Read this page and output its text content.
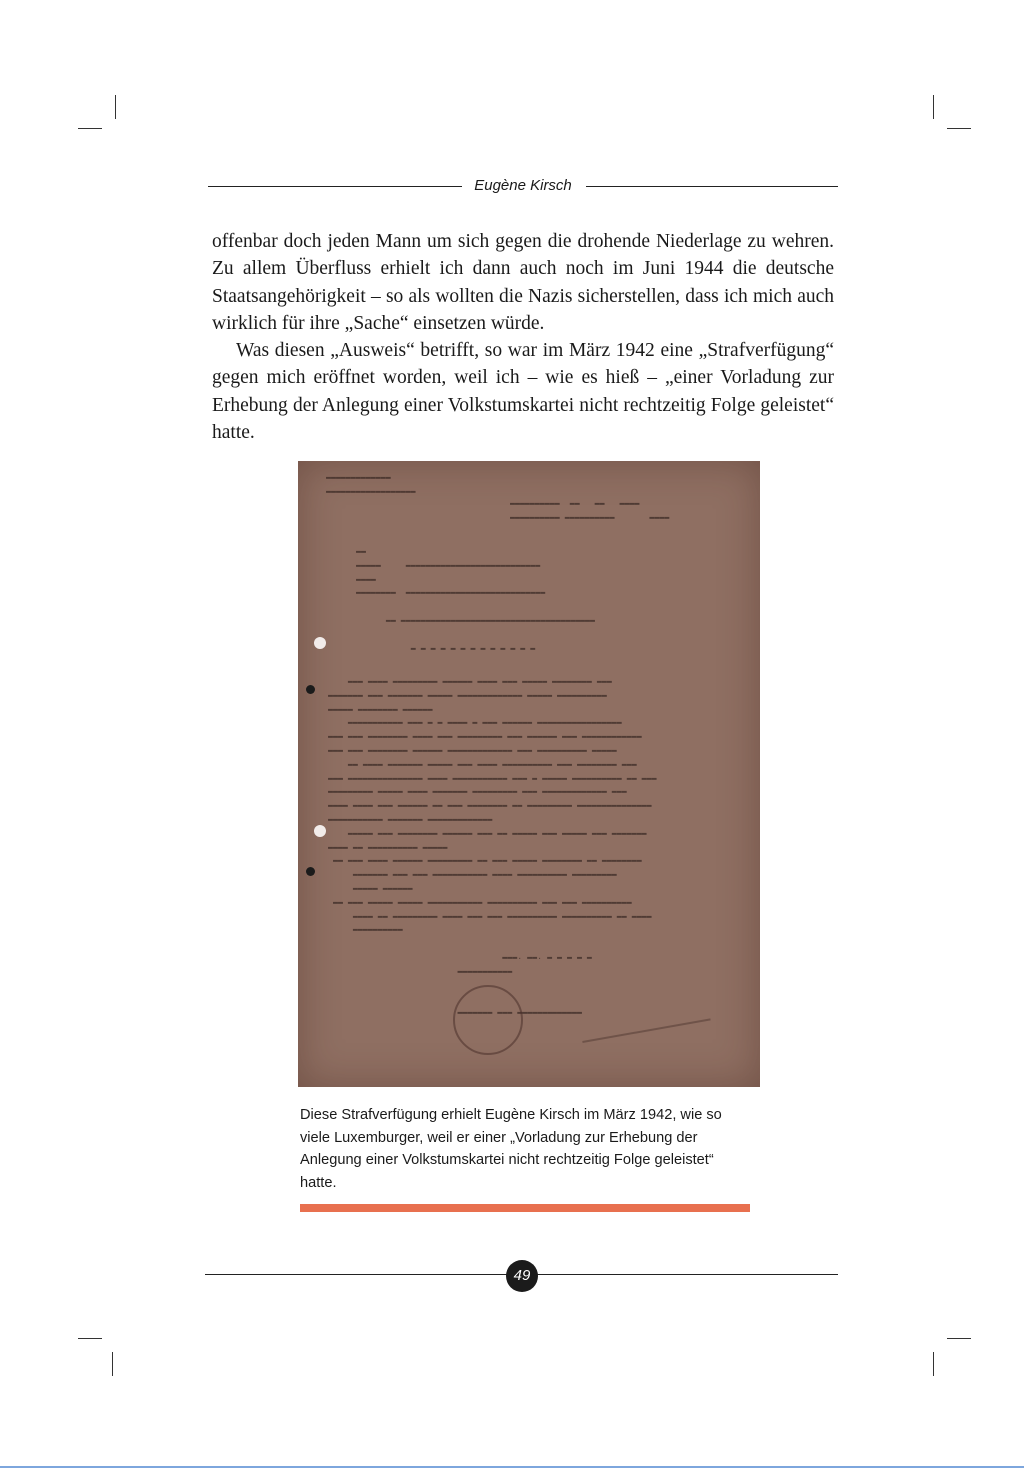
Eugène Kirsch

offenbar doch jeden Mann um sich gegen die drohende Niederlage zu wehren. Zu allem Überfluss erhielt ich dann auch noch im Juni 1944 die deutsche Staatsangehörigkeit – so als wollten die Nazis sicherstellen, dass ich mich auch wirklich für ihre „Sache“ einsetzen würde.

Was diesen „Ausweis“ betrifft, so war im März 1942 eine „Strafverfügung“ gegen mich eröffnet worden, weil ich – wie es hieß – „einer Vorladung zur Erhebung der Anlegung einer Volkstumskartei nicht rechtzeitig Folge geleistet“ hatte.

▬▬▬▬▬▬▬▬▬▬▬▬▬
▬▬▬▬▬▬▬▬▬▬▬▬▬▬▬▬▬▬
▬▬▬▬▬▬▬▬▬▬  ▬▬   ▬▬   ▬▬▬▬
▬▬▬▬▬▬▬▬▬▬ ▬▬▬▬▬▬▬▬▬▬       ▬▬▬▬
▬▬
▬▬▬▬▬     ▬▬▬▬▬▬▬▬▬▬▬▬▬▬▬▬▬▬▬▬▬▬▬▬▬▬▬
▬▬▬▬
▬▬▬▬▬▬▬▬  ▬▬▬▬▬▬▬▬▬▬▬▬▬▬▬▬▬▬▬▬▬▬▬▬▬▬▬▬

▬▬ ▬▬▬▬▬▬▬▬▬▬▬▬▬▬▬▬▬▬▬▬▬▬▬▬▬▬▬▬▬▬▬▬▬▬▬▬▬▬▬

▬ ▬ ▬ ▬ ▬ ▬ ▬ ▬ ▬ ▬ ▬ ▬ ▬
▬▬▬ ▬▬▬▬ ▬▬▬▬▬▬▬▬▬ ▬▬▬▬▬▬ ▬▬▬▬ ▬▬▬ ▬▬▬▬▬ ▬▬▬▬▬▬▬▬ ▬▬▬
▬▬▬▬▬▬▬ ▬▬▬ ▬▬▬▬▬▬▬ ▬▬▬▬▬ ▬▬▬▬▬▬▬▬▬▬▬▬▬ ▬▬▬▬▬ ▬▬▬▬▬▬▬▬▬▬
▬▬▬▬▬ ▬▬▬▬▬▬▬▬ ▬▬▬▬▬▬
▬▬▬▬▬▬▬▬▬▬▬ ▬▬▬ ▬ ▬ ▬▬▬▬ ▬ ▬▬▬ ▬▬▬▬▬▬ ▬▬▬▬▬▬▬▬▬▬▬▬▬▬▬▬▬
▬▬▬ ▬▬▬ ▬▬▬▬▬▬▬▬ ▬▬▬▬ ▬▬▬ ▬▬▬▬▬▬▬▬▬ ▬▬▬ ▬▬▬▬▬▬ ▬▬▬ ▬▬▬▬▬▬▬▬▬▬▬▬
▬▬▬ ▬▬▬ ▬▬▬▬▬▬▬▬ ▬▬▬▬▬▬ ▬▬▬▬▬▬▬▬▬▬▬▬▬ ▬▬▬ ▬▬▬▬▬▬▬▬▬▬ ▬▬▬▬▬
▬▬ ▬▬▬▬ ▬▬▬▬▬▬▬ ▬▬▬▬▬ ▬▬▬ ▬▬▬▬ ▬▬▬▬▬▬▬▬▬▬ ▬▬▬ ▬▬▬▬▬▬▬▬ ▬▬▬
▬▬▬ ▬▬▬▬▬▬▬▬▬▬▬▬▬▬▬ ▬▬▬▬ ▬▬▬▬▬▬▬▬▬▬▬ ▬▬▬ ▬ ▬▬▬▬▬ ▬▬▬▬▬▬▬▬▬▬ ▬▬ ▬▬▬
▬▬▬▬▬▬▬▬▬ ▬▬▬▬▬ ▬▬▬▬ ▬▬▬▬▬▬▬ ▬▬▬▬▬▬▬▬▬ ▬▬▬ ▬▬▬▬▬▬▬▬▬▬▬▬▬ ▬▬▬
▬▬▬▬ ▬▬▬▬ ▬▬▬ ▬▬▬▬▬▬ ▬▬ ▬▬▬ ▬▬▬▬▬▬▬▬ ▬▬ ▬▬▬▬▬▬▬▬▬ ▬▬▬▬▬▬▬▬▬▬▬▬▬▬▬
▬▬▬▬▬▬▬▬▬▬▬ ▬▬▬▬▬▬▬ ▬▬▬▬▬▬▬▬▬▬▬▬▬
▬▬▬▬▬ ▬▬▬ ▬▬▬▬▬▬▬▬ ▬▬▬▬▬▬ ▬▬▬ ▬▬ ▬▬▬▬▬ ▬▬▬ ▬▬▬▬▬ ▬▬▬ ▬▬▬▬▬▬▬
▬▬▬▬ ▬▬ ▬▬▬▬▬▬▬▬▬▬ ▬▬▬▬▬
▬▬ ▬▬▬ ▬▬▬▬ ▬▬▬▬▬▬ ▬▬▬▬▬▬▬▬▬ ▬▬ ▬▬▬ ▬▬▬▬▬ ▬▬▬▬▬▬▬▬ ▬▬ ▬▬▬▬▬▬▬▬
▬▬▬▬▬▬▬ ▬▬▬ ▬▬▬ ▬▬▬▬▬▬▬▬▬▬▬ ▬▬▬▬ ▬▬▬▬▬▬▬▬▬▬ ▬▬▬▬▬▬▬▬▬
▬▬▬▬▬ ▬▬▬▬▬▬
▬▬ ▬▬▬ ▬▬▬▬▬ ▬▬▬▬▬ ▬▬▬▬▬▬▬▬▬▬▬ ▬▬▬▬▬▬▬▬▬▬ ▬▬▬ ▬▬▬ ▬▬▬▬▬▬▬▬▬▬
▬▬▬▬ ▬▬ ▬▬▬▬▬▬▬▬▬ ▬▬▬▬ ▬▬▬ ▬▬▬ ▬▬▬▬▬▬▬▬▬▬ ▬▬▬▬▬▬▬▬▬▬ ▬▬ ▬▬▬▬
▬▬▬▬▬▬▬▬▬▬

▬▬▬. ▬▬. ▬ ▬ ▬ ▬ ▬
▬▬▬▬▬▬▬▬▬▬▬

▬▬▬▬▬▬▬ ▬▬▬ ▬▬▬▬▬▬▬▬▬▬▬▬▬
Diese Strafverfügung erhielt Eugène Kirsch im März 1942, wie so viele Luxemburger, weil er einer „Vorladung zur Erhebung der Anlegung einer Volkstumskartei nicht rechtzeitig Folge geleistet“ hatte.
49
